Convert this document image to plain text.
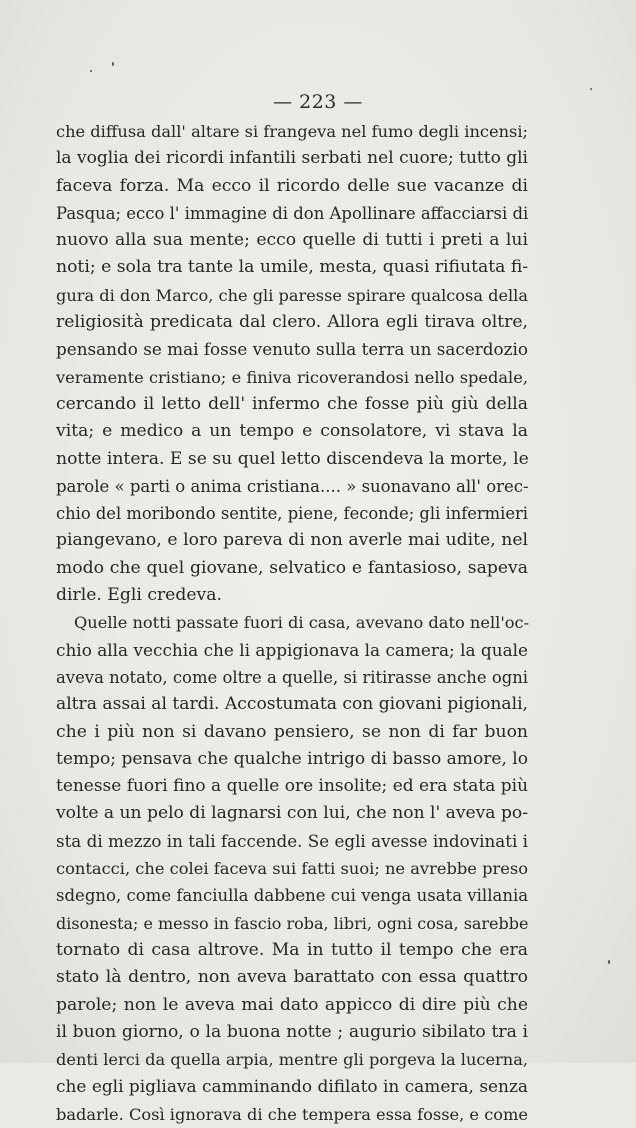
— 223 —
che diffusa dall' altare si frangeva nel fumo degli incensi;
la voglia dei ricordi infantili serbati nel cuore; tutto gli
faceva forza. Ma ecco il ricordo delle sue vacanze di
Pasqua; ecco l' immagine di don Apollinare affacciarsi di
nuovo alla sua mente; ecco quelle di tutti i preti a lui
noti; e sola tra tante la umile, mesta, quasi rifiutata fi-
gura di don Marco, che gli paresse spirare qualcosa della
religiosità predicata dal clero. Allora egli tirava oltre,
pensando se mai fosse venuto sulla terra un sacerdozio
veramente cristiano; e finiva ricoverandosi nello spedale,
cercando il letto dell' infermo che fosse più giù della
vita; e medico a un tempo e consolatore, vi stava la
notte intera. E se su quel letto discendeva la morte, le
parole « parti o anima cristiana.... » suonavano all' orec-
chio del moribondo sentite, piene, feconde; gli infermieri
piangevano, e loro pareva di non averle mai udite, nel
modo che quel giovane, selvatico e fantasioso, sapeva
dirle. Egli credeva.
Quelle notti passate fuori di casa, avevano dato nell'oc-
chio alla vecchia che li appigionava la camera; la quale
aveva notato, come oltre a quelle, si ritirasse anche ogni
altra assai al tardi. Accostumata con giovani pigionali,
che i più non si davano pensiero, se non di far buon
tempo; pensava che qualche intrigo di basso amore, lo
tenesse fuori fino a quelle ore insolite; ed era stata più
volte a un pelo di lagnarsi con lui, che non l' aveva po-
sta di mezzo in tali faccende. Se egli avesse indovinati i
contacci, che colei faceva sui fatti suoi; ne avrebbe preso
sdegno, come fanciulla dabbene cui venga usata villania
disonesta; e messo in fascio roba, libri, ogni cosa, sarebbe
tornato di casa altrove. Ma in tutto il tempo che era
stato là dentro, non aveva barattato con essa quattro
parole; non le aveva mai dato appicco di dire più che
il buon giorno, o la buona notte ; augurio sibilato tra i
denti lerci da quella arpia, mentre gli porgeva la lucerna,
che egli pigliava camminando difilato in camera, senza
badarle. Così ignorava di che tempera essa fosse, e come
